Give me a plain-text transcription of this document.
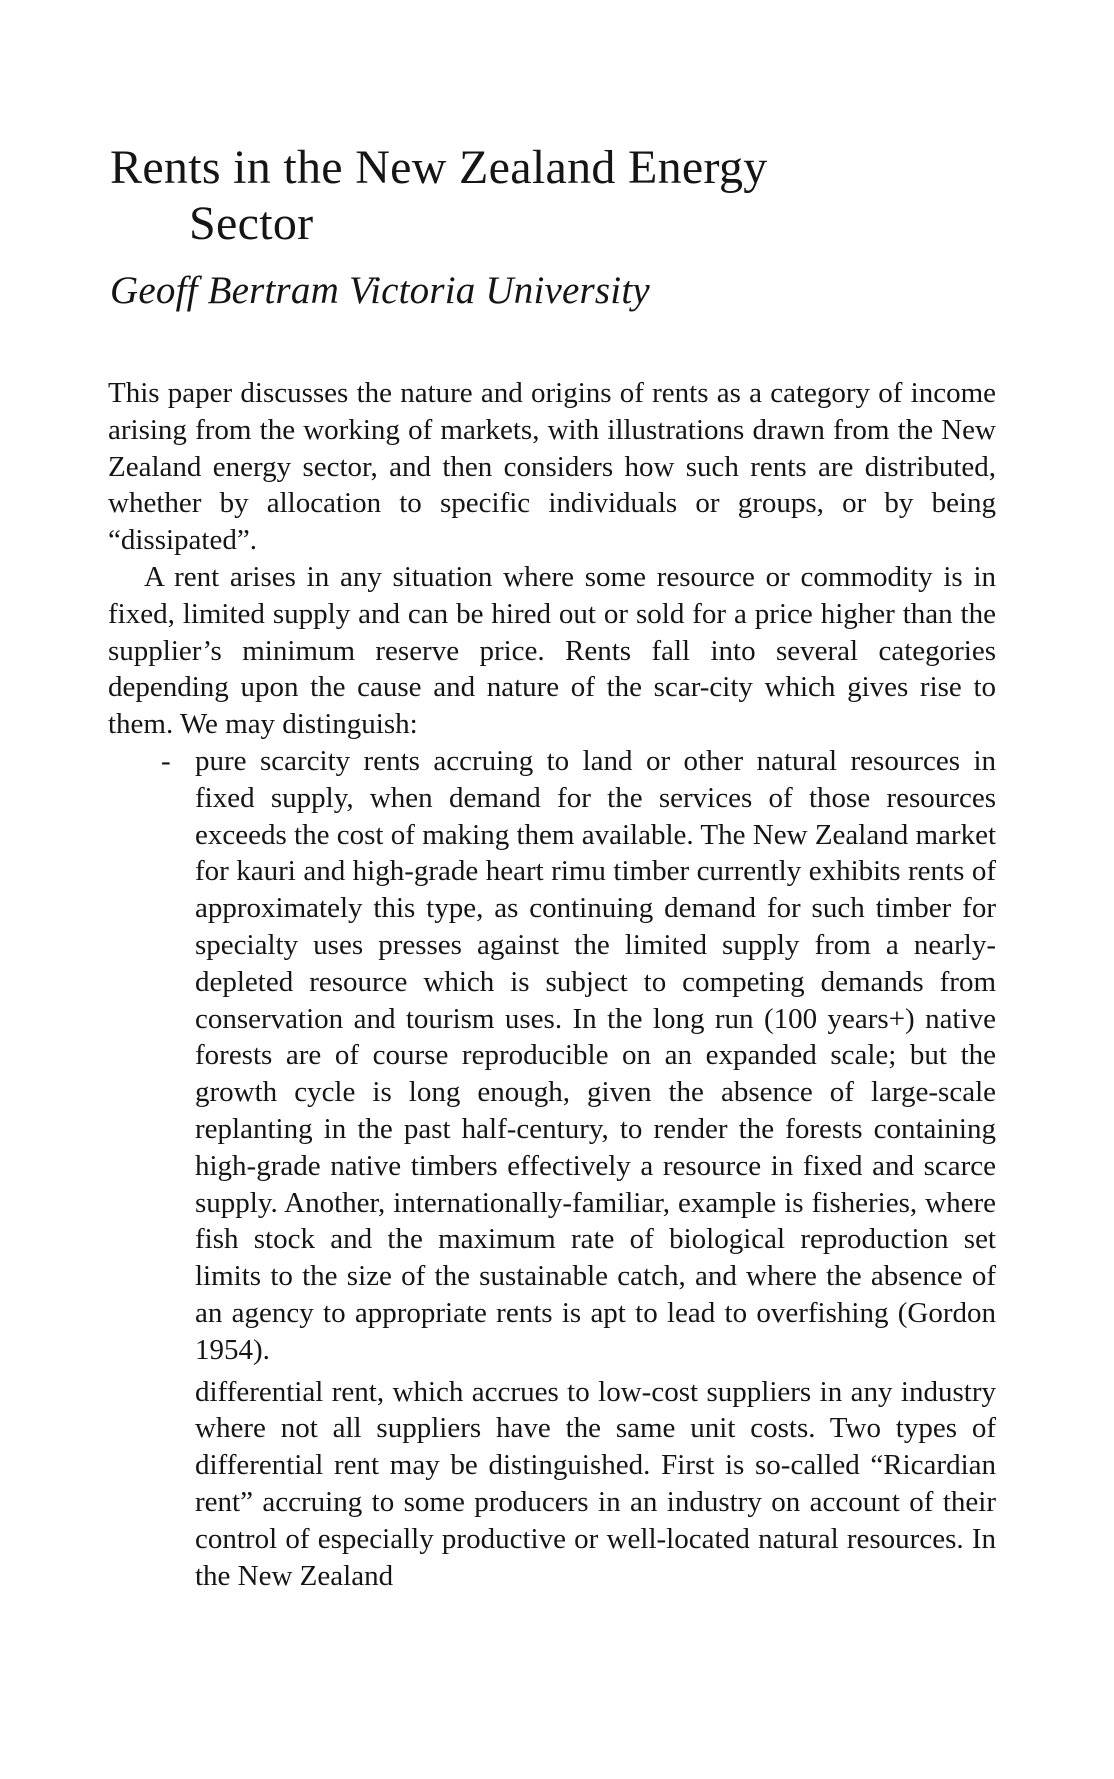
Rents in the New Zealand Energy
Sector

Geoff Bertram Victoria University

This paper discusses the nature and origins of rents as a category of income arising from the working of markets, with illustrations drawn from the New Zealand energy sector, and then considers how such rents are distributed, whether by allocation to specific individuals or groups, or by being “dissipated”.

A rent arises in any situation where some resource or commodity is in fixed, limited supply and can be hired out or sold for a price higher than the supplier’s minimum reserve price. Rents fall into several categories depending upon the cause and nature of the scar-city which gives rise to them. We may distinguish:

- pure scarcity rents accruing to land or other natural resources in fixed supply, when demand for the services of those resources exceeds the cost of making them available. The New Zealand market for kauri and high-grade heart rimu timber currently exhibits rents of approximately this type, as continuing demand for such timber for specialty uses presses against the limited supply from a nearly-depleted resource which is subject to competing demands from conservation and tourism uses. In the long run (100 years+) native forests are of course reproducible on an expanded scale; but the growth cycle is long enough, given the absence of large-scale replanting in the past half-century, to render the forests containing high-grade native timbers effectively a resource in fixed and scarce supply. Another, internationally-familiar, example is fisheries, where fish stock and the maximum rate of biological reproduction set limits to the size of the sustainable catch, and where the absence of an agency to appropriate rents is apt to lead to overfishing (Gordon 1954).
differential rent, which accrues to low-cost suppliers in any industry where not all suppliers have the same unit costs. Two types of differential rent may be distinguished. First is so-called “Ricardian rent” accruing to some producers in an industry on account of their control of especially productive or well-located natural resources. In the New Zealand
